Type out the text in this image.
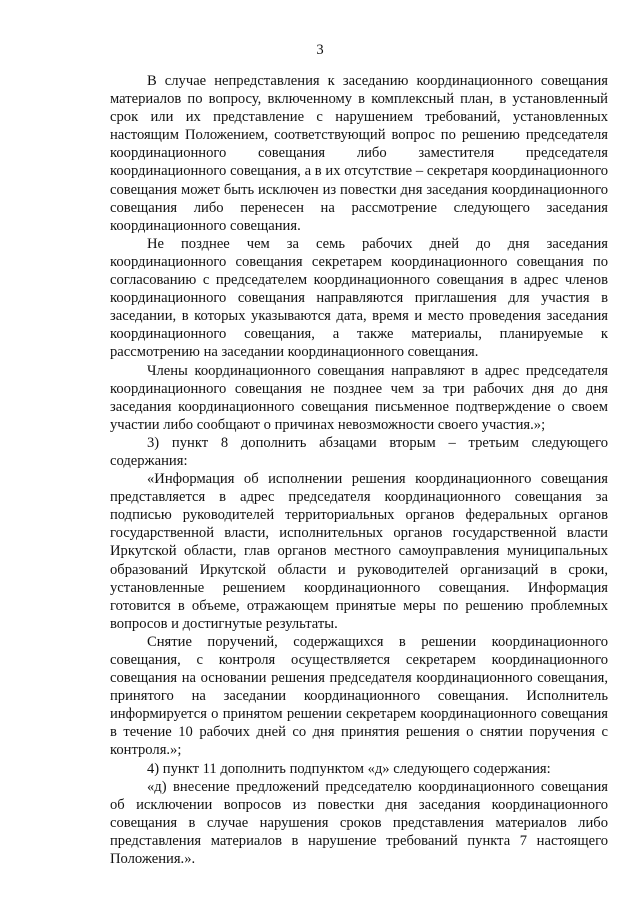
3

В случае непредставления к заседанию координационного совещания материалов по вопросу, включенному в комплексный план, в установленный срок или их представление с нарушением требований, установленных настоящим Положением, соответствующий вопрос по решению председателя координационного совещания либо заместителя председателя координационного совещания, а в их отсутствие – секретаря координационного совещания может быть исключен из повестки дня заседания координационного совещания либо перенесен на рассмотрение следующего заседания координационного совещания.

Не позднее чем за семь рабочих дней до дня заседания координационного совещания секретарем координационного совещания по согласованию с председателем координационного совещания в адрес членов координационного совещания направляются приглашения для участия в заседании, в которых указываются дата, время и место проведения заседания координационного совещания, а также материалы, планируемые к рассмотрению на заседании координационного совещания.

Члены координационного совещания направляют в адрес председателя координационного совещания не позднее чем за три рабочих дня до дня заседания координационного совещания письменное подтверждение о своем участии либо сообщают о причинах невозможности своего участия.»;

3) пункт 8 дополнить абзацами вторым – третьим следующего содержания:

«Информация об исполнении решения координационного совещания представляется в адрес председателя координационного совещания за подписью руководителей территориальных органов федеральных органов государственной власти, исполнительных органов государственной власти Иркутской области, глав органов местного самоуправления муниципальных образований Иркутской области и руководителей организаций в сроки, установленные решением координационного совещания. Информация готовится в объеме, отражающем принятые меры по решению проблемных вопросов и достигнутые результаты.

Снятие поручений, содержащихся в решении координационного совещания, с контроля осуществляется секретарем координационного совещания на основании решения председателя координационного совещания, принятого на заседании координационного совещания. Исполнитель информируется о принятом решении секретарем координационного совещания в течение 10 рабочих дней со дня принятия решения о снятии поручения с контроля.»;

4) пункт 11 дополнить подпунктом «д» следующего содержания:

«д) внесение предложений председателю координационного совещания об исключении вопросов из повестки дня заседания координационного совещания в случае нарушения сроков представления материалов либо представления материалов в нарушение требований пункта 7 настоящего Положения.».
